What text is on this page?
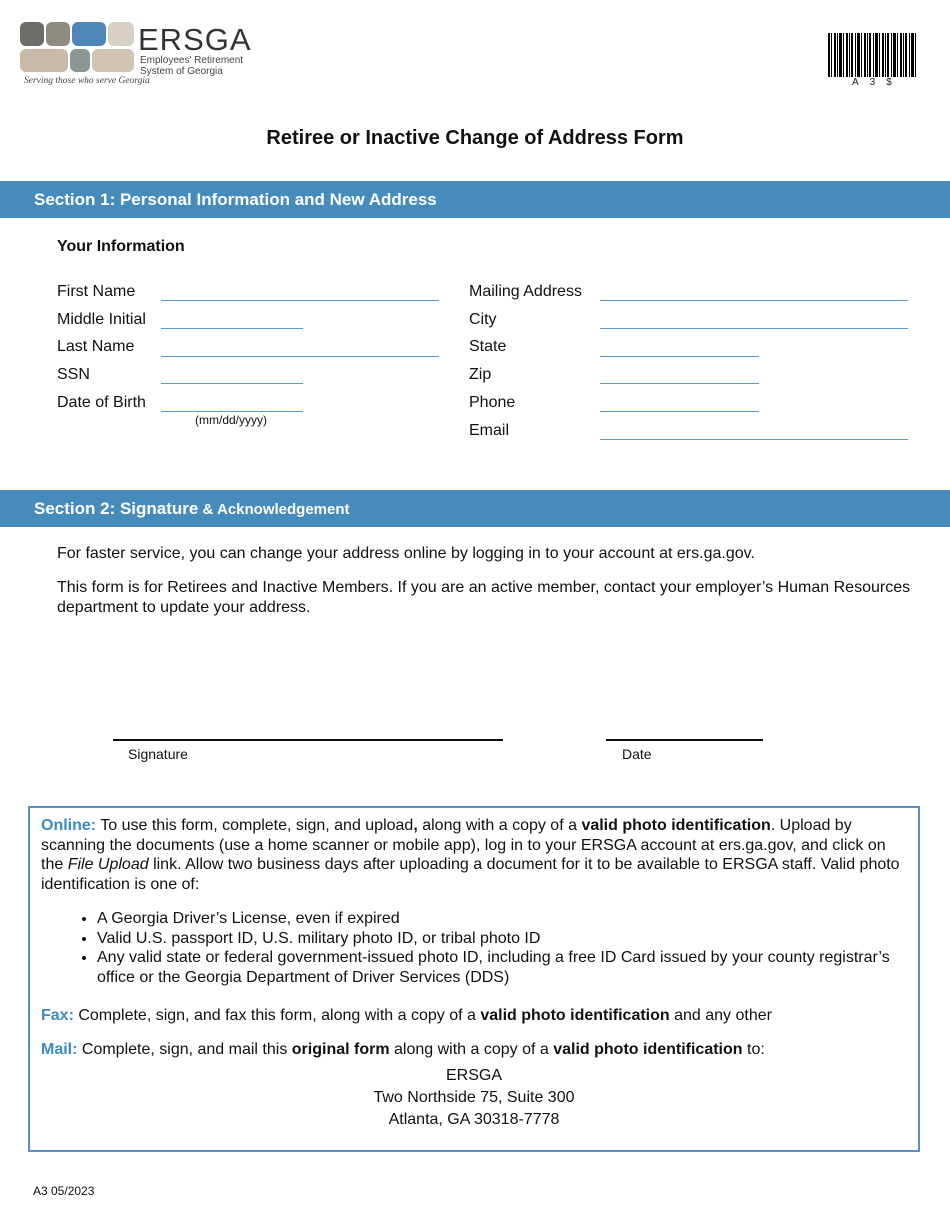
ERSGA
Employees' Retirement
System of Georgia
Serving those who serve Georgia	A3$
Retiree or Inactive Change of Address Form
Section 1: Personal Information and New Address
Your Information
First Name
Middle Initial
Last Name
SSN
Date of Birth
(mm/dd/yyyy)
Mailing Address
City
State
Zip
Phone
Email
Section 2: Signature & Acknowledgement
For faster service, you can change your address online by logging in to your account at ers.ga.gov.
This form is for Retirees and Inactive Members. If you are an active member, contact your employer’s Human Resources department to update your address.
Signature	Date

Online: To use this form, complete, sign, and upload, along with a copy of a valid photo identification. Upload by scanning the documents (use a home scanner or mobile app), log in to your ERSGA account at ers.ga.gov, and click on the File Upload link. Allow two business days after uploading a document for it to be available to ERSGA staff. Valid photo identification is one of:

• A Georgia Driver’s License, even if expired
• Valid U.S. passport ID, U.S. military photo ID, or tribal photo ID
• Any valid state or federal government-issued photo ID, including a free ID Card issued by your county registrar’s office or the Georgia Department of Driver Services (DDS)

Fax: Complete, sign, and fax this form, along with a copy of a valid photo identification and any other

Mail: Complete, sign, and mail this original form along with a copy of a valid photo identification to:

ERSGA
Two Northside 75, Suite 300
Atlanta, GA 30318-7778
A3 05/2023
